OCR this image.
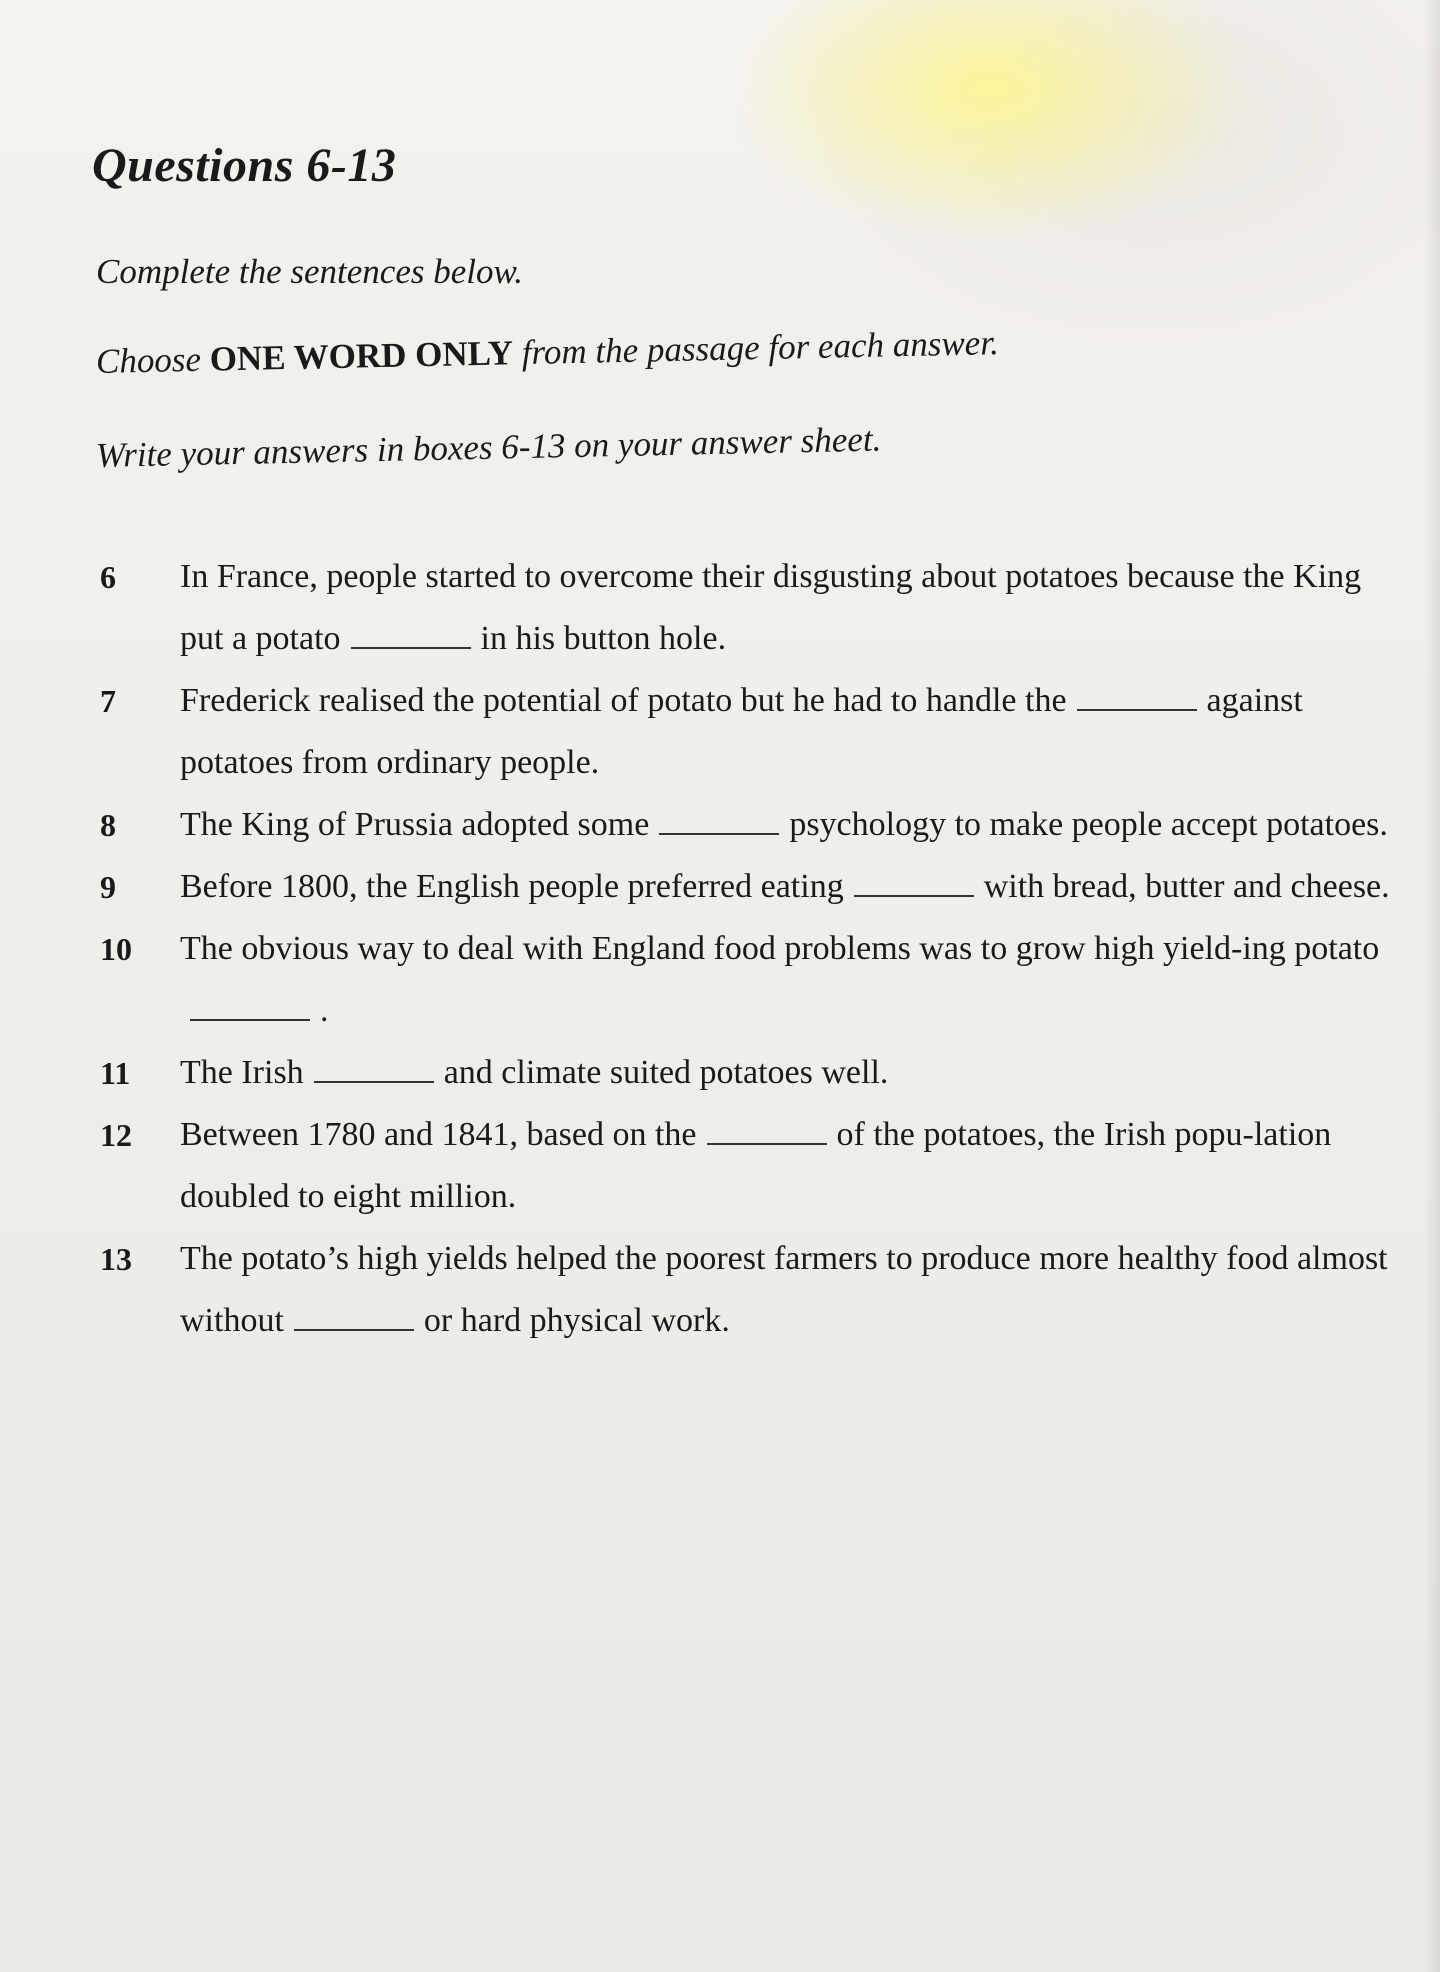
Questions 6-13
Complete the sentences below.
Choose ONE WORD ONLY from the passage for each answer.
Write your answers in boxes 6-13 on your answer sheet.
6	In France, people started to overcome their disgusting about potatoes because the King put a potato	in his button hole.
7	Frederick realised the potential of potato but he had to handle the	against potatoes from ordinary people.
8	The King of Prussia adopted some	psychology to make people accept potatoes.
9	Before 1800, the English people preferred eating	with bread, butter and cheese.
10	The obvious way to deal with England food problems was to grow high yield-ing potato.
11	The Irish	and climate suited potatoes well.
12	Between 1780 and 1841, based on the	of the potatoes, the Irish popu-lation doubled to eight million.
13	The potato’s high yields helped the poorest farmers to produce more healthy food almost without	or hard physical work.
